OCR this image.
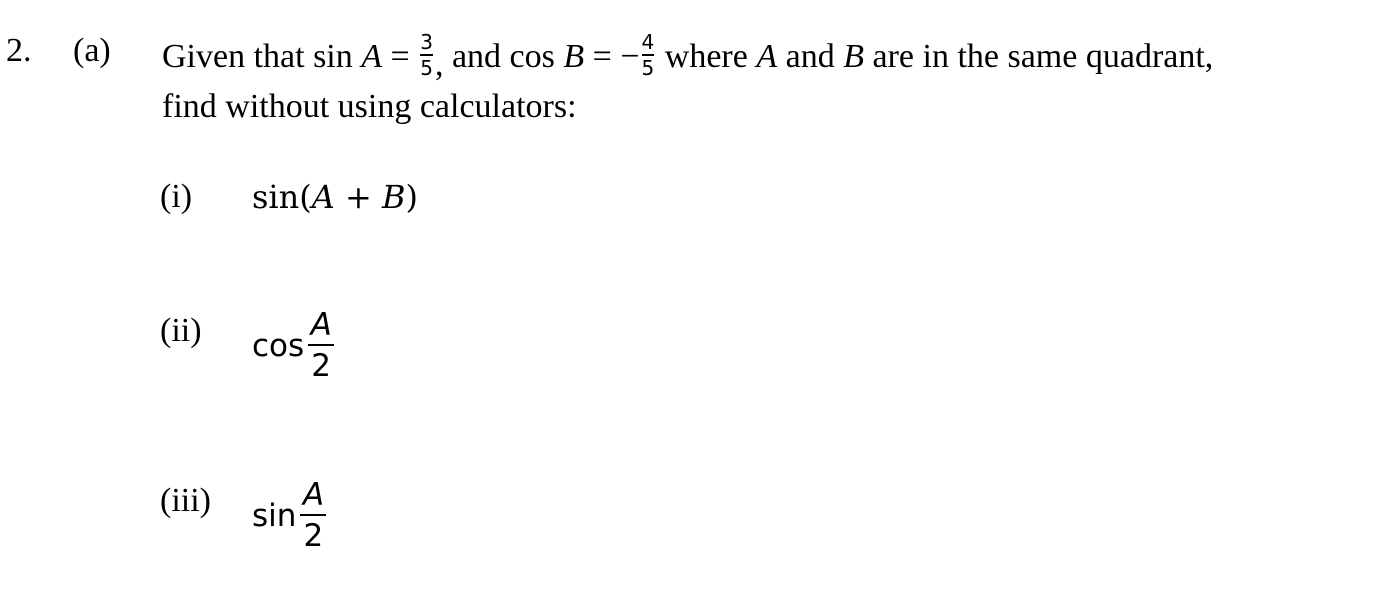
2. (a) Given that sin
A
=
$\frac{3}{5}$ ,
and cos
B
=
− $\frac{4}{5}$
where
A
and
B
are in the same quadrant,
find without using calculators:
(i) sin(A + B)
(ii) $\cos \frac{A}{2}$
(iii) $\sin \frac{A}{2}$
